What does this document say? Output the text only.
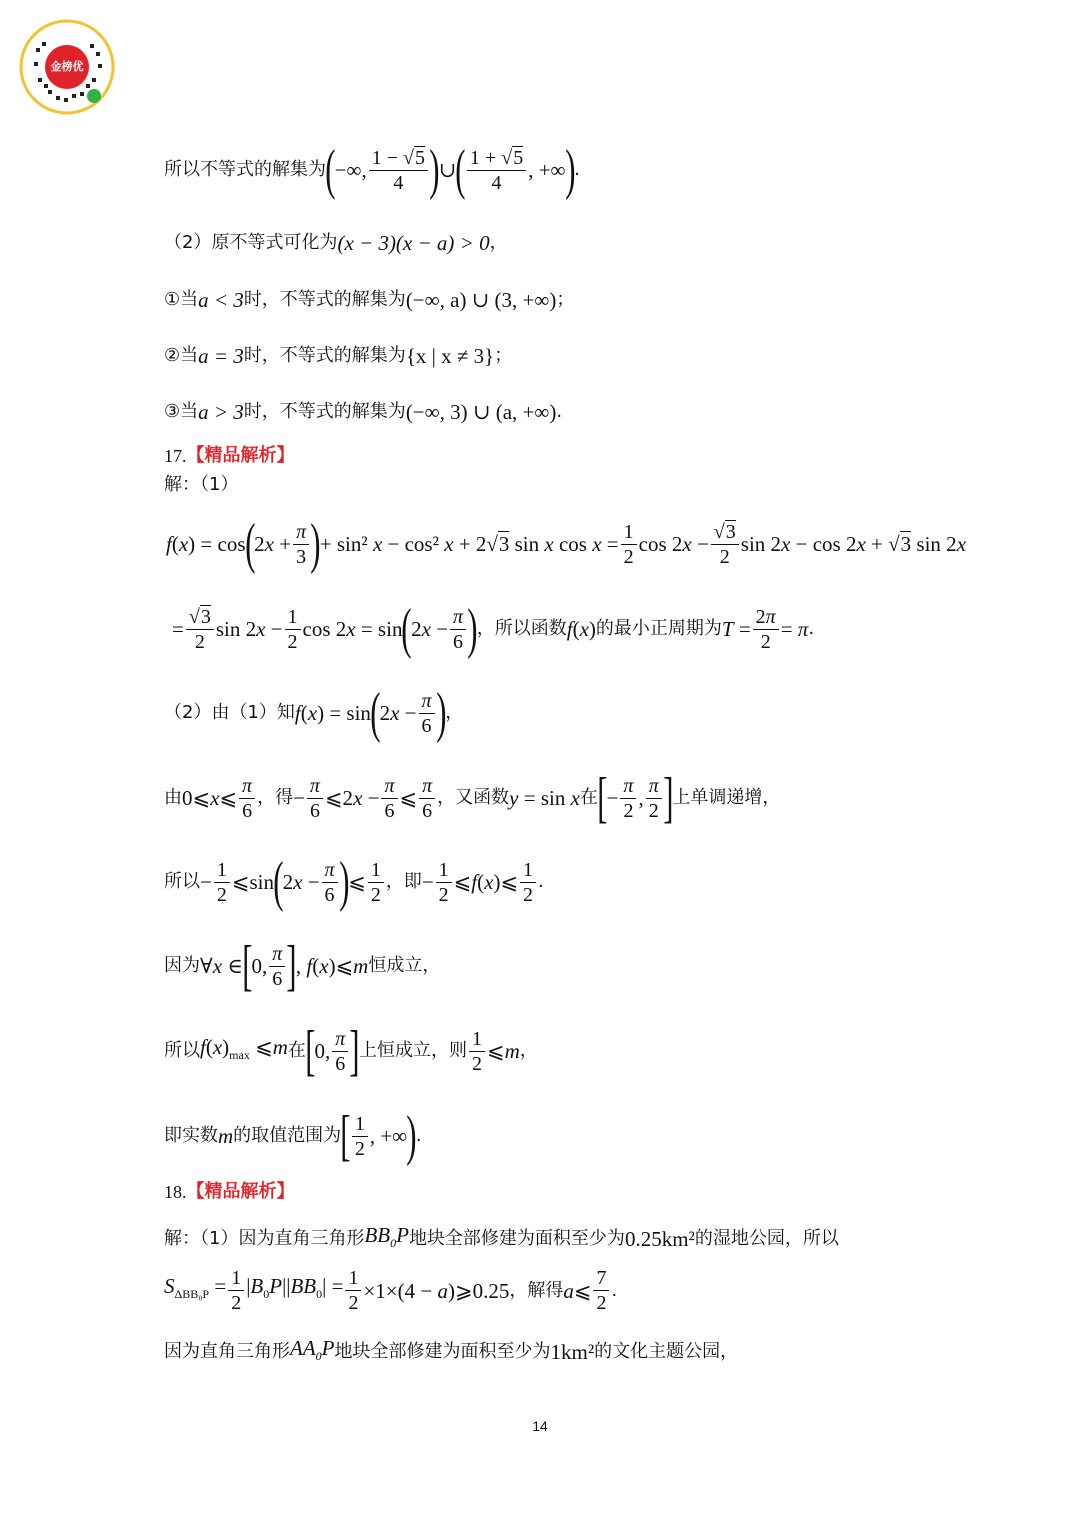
金榜优
所以不等式的解集为 ( −∞, $\frac{1 - √5}{4}$ ) ∪ ( $\frac{1 + √5}{4}$ , +∞ ) .
（2）原不等式可化为 (x − 3)(x − a) > 0 ，
①当 a < 3 时，不等式的解集为 (−∞, a) ∪ (3, +∞) ；
②当 a = 3 时，不等式的解集为 {x | x ≠ 3} ；
③当 a > 3 时，不等式的解集为 (−∞, 3) ∪ (a, +∞) .
17. 【精品解析】
解：（1）
f(x) = cos ( $2x + \frac{\pi}{3}$ ) + sin² x − cos² x + 2√3 sin x $\cos x = \frac{1}{2}$ $\cos 2x - \frac{√3}{2}$ sin 2x − cos 2x + √3 sin 2x
= $\frac{√3}{2}$ $\sin 2x - \frac{1}{2}$ cos 2x = sin ( $2x - \frac{\pi}{6}$ ) ，所以函数 f(x) 的最小正周期为 $T = \frac{2\pi}{2} = \pi$ .
（2）由（1）知 f(x) = sin ( $2x - \frac{\pi}{6}$ ) ，
由 0⩽x⩽ $\frac{\pi}{6}$ ，得 − $\frac{\pi}{6}$ ⩽2x − $\frac{\pi}{6}$ ⩽ $\frac{\pi}{6}$ ，又函数 y = sin x 在 [ − $\frac{\pi}{2}$ , $\frac{\pi}{2}$ ] 上单调递增，
所以 − $\frac{1}{2}$ ⩽sin ( $2x - \frac{\pi}{6}$ ) ⩽ $\frac{1}{2}$ ，即 − $\frac{1}{2}$ ⩽f(x)⩽ $\frac{1}{2}$ .
因为 ∀x ∈ [ 0, $\frac{\pi}{6}$ ] , f(x)⩽m 恒成立，
所以 $f(x)_{max}$ ⩽m 在 [ 0, $\frac{\pi}{6}$ ] 上恒成立，则 $\frac{1}{2}$ ⩽m ，
即实数 m 的取值范围为 [ $\frac{1}{2}$ , +∞ ) .
18. 【精品解析】
解：（1）因为直角三角形 $BB_0P$ 地块全部修建为面积至少为 0.25km² 的湿地公园，所以
$S_{\Delta BB_0P} = \frac{1}{2} |B_0P||BB_0| = \frac{1}{2} \times 1\times(4$ − a)⩾0.25 ，解得 a⩽ $\frac{7}{2}$ .
因为直角三角形 $AA_0P$ 地块全部修建为面积至少为 1km² 的文化主题公园，
14
